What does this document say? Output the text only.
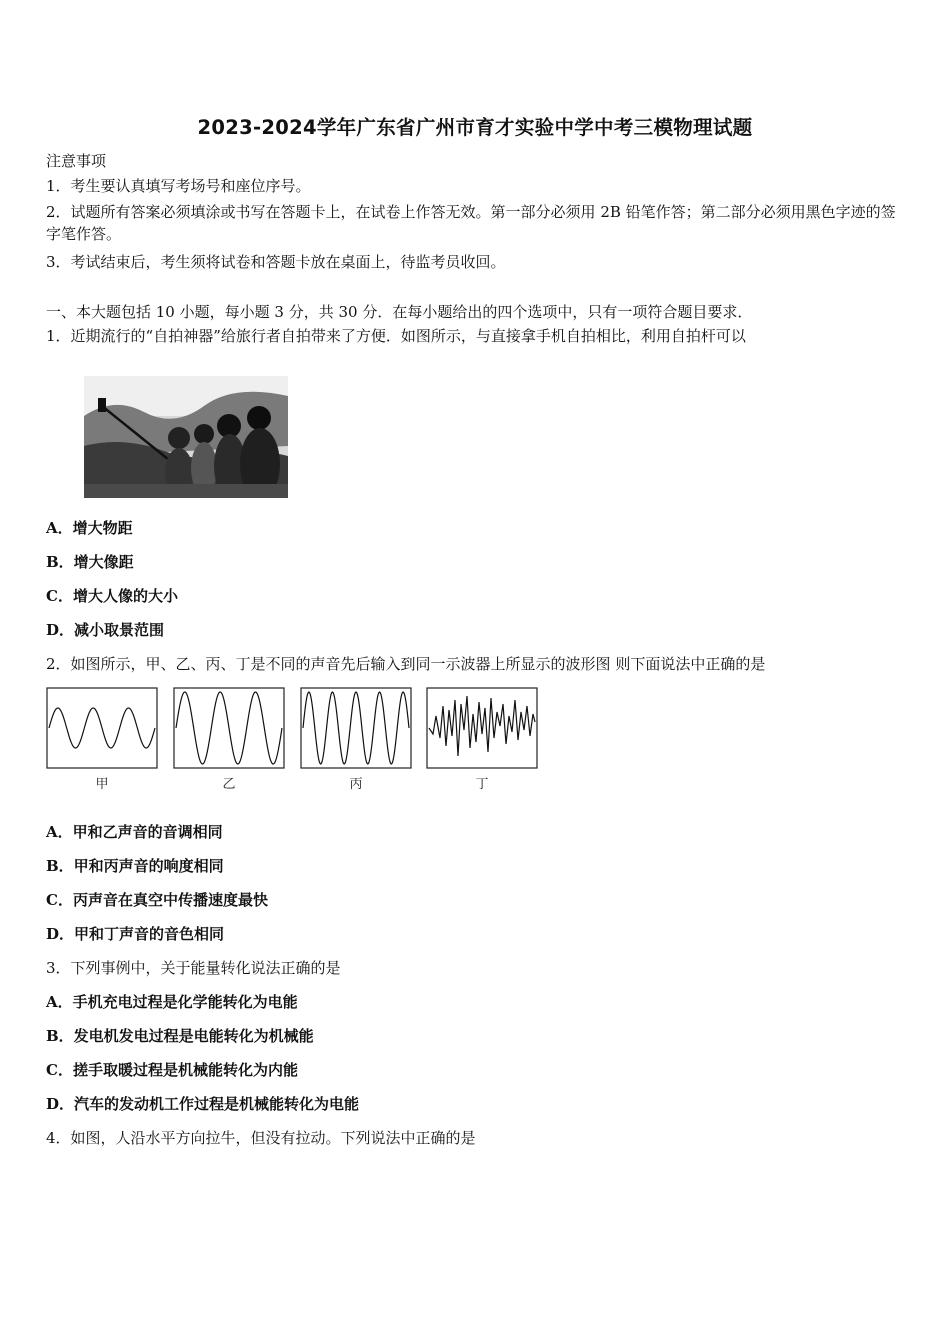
2023-2024学年广东省广州市育才实验中学中考三模物理试题
注意事项
1．考生要认真填写考场号和座位序号。
2．试题所有答案必须填涂或书写在答题卡上，在试卷上作答无效。第一部分必须用 2B 铅笔作答；第二部分必须用黑色字迹的签字笔作答。
3．考试结束后，考生须将试卷和答题卡放在桌面上，待监考员收回。
一、本大题包括 10 小题，每小题 3 分，共 30 分．在每小题给出的四个选项中，只有一项符合题目要求．
1．近期流行的“自拍神器”给旅行者自拍带来了方便．如图所示，与直接拿手机自拍相比，利用自拍杆可以
A．增大物距
B．增大像距
C．增大人像的大小
D．减小取景范围
2．如图所示，甲、乙、丙、丁是不同的声音先后输入到同一示波器上所显示的波形图 则下面说法中正确的是
甲	乙	丙	丁
A．甲和乙声音的音调相同
B．甲和丙声音的响度相同
C．丙声音在真空中传播速度最快
D．甲和丁声音的音色相同
3．下列事例中，关于能量转化说法正确的是
A．手机充电过程是化学能转化为电能
B．发电机发电过程是电能转化为机械能
C．搓手取暖过程是机械能转化为内能
D．汽车的发动机工作过程是机械能转化为电能
4．如图，人沿水平方向拉牛，但没有拉动。下列说法中正确的是
